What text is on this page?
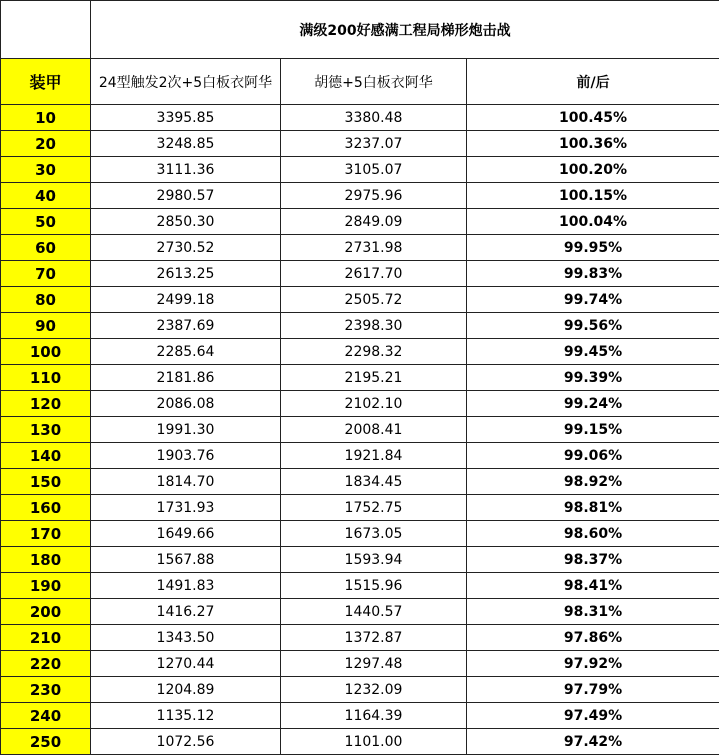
	满级200好感满工程局梯形炮击战		
装甲	24型触发2次+5白板衣阿华	胡德+5白板衣阿华	前/后
10	3395.85	3380.48	100.45%
20	3248.85	3237.07	100.36%
30	3111.36	3105.07	100.20%
40	2980.57	2975.96	100.15%
50	2850.30	2849.09	100.04%
60	2730.52	2731.98	99.95%
70	2613.25	2617.70	99.83%
80	2499.18	2505.72	99.74%
90	2387.69	2398.30	99.56%
100	2285.64	2298.32	99.45%
110	2181.86	2195.21	99.39%
120	2086.08	2102.10	99.24%
130	1991.30	2008.41	99.15%
140	1903.76	1921.84	99.06%
150	1814.70	1834.45	98.92%
160	1731.93	1752.75	98.81%
170	1649.66	1673.05	98.60%
180	1567.88	1593.94	98.37%
190	1491.83	1515.96	98.41%
200	1416.27	1440.57	98.31%
210	1343.50	1372.87	97.86%
220	1270.44	1297.48	97.92%
230	1204.89	1232.09	97.79%
240	1135.12	1164.39	97.49%
250	1072.56	1101.00	97.42%
